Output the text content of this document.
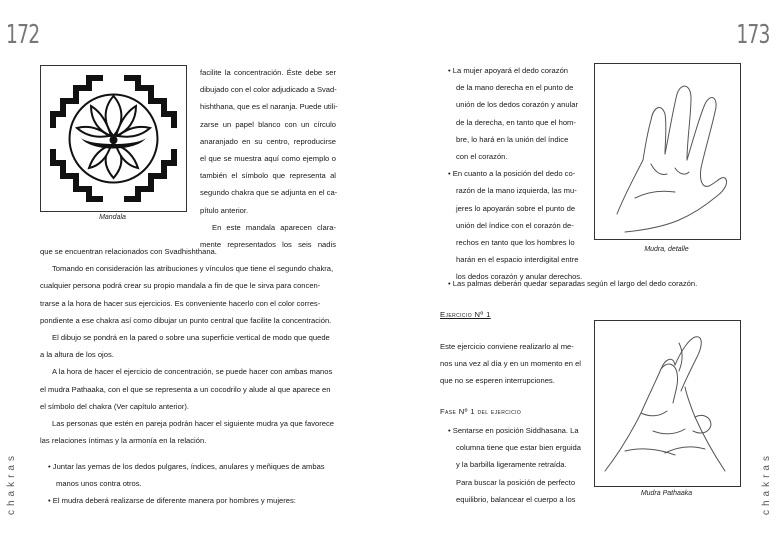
172
chakras
Mandala
facilite la concentración. Éste debe ser
dibujado con el color adjudicado a Svad-
hishthana, que es el naranja. Puede utili-
zarse un papel blanco con un círculo
anaranjado en su centro, reproducirse
el que se muestra aquí como ejemplo o
también el símbolo que representa al
segundo chakra que se adjunta en el ca-
pítulo anterior.
En este mandala aparecen clara-
mente representados los seis nadis
que se encuentran relacionados con Svadhishthana.
Tomando en consideración las atribuciones y vínculos que tiene el segundo chakra,
cualquier persona podrá crear su propio mandala a fin de que le sirva para concen-
trarse a la hora de hacer sus ejercicios. Es conveniente hacerlo con el color corres-
pondiente a ese chakra así como dibujar un punto central que facilite la concentración.
El dibujo se pondrá en la pared o sobre una superficie vertical de modo que quede
a la altura de los ojos.
A la hora de hacer el ejercicio de concentración, se puede hacer con ambas manos
el mudra Pathaaka, con el que se representa a un cocodrilo y alude al que aparece en
el símbolo del chakra (Ver capítulo anterior).
Las personas que estén en pareja podrán hacer el siguiente mudra ya que favorece
las relaciones íntimas y la armonía en la relación.
• Juntar las yemas de los dedos pulgares, índices, anulares y meñiques de ambas
manos unos contra otros.
• El mudra deberá realizarse de diferente manera por hombres y mujeres:
173
chakras
• La mujer apoyará el dedo corazón
de la mano derecha en el punto de
unión de los dedos corazón y anular
de la derecha, en tanto que el hom-
bre, lo hará en la unión del índice
con el corazón.
• En cuanto a la posición del dedo co-
razón de la mano izquierda, las mu-
jeres lo apoyarán sobre el punto de
unión del índice con el corazón de-
rechos en tanto que los hombres lo
harán en el espacio interdigital entre
los dedos corazón y anular derechos.
• Las palmas deberán quedar separadas según el largo del dedo corazón.
Mudra, detalle
Ejercicio Nº 1
Este ejercicio conviene realizarlo al me-
nos una vez al día y en un momento en el
que no se esperen interrupciones.
Fase Nº 1 del ejercicio
• Sentarse en posición Siddhasana. La
columna tiene que estar bien erguida
y la barbilla ligeramente retraída.
Para buscar la posición de perfecto
equilibrio, balancear el cuerpo a los
Mudra Pathaaka
